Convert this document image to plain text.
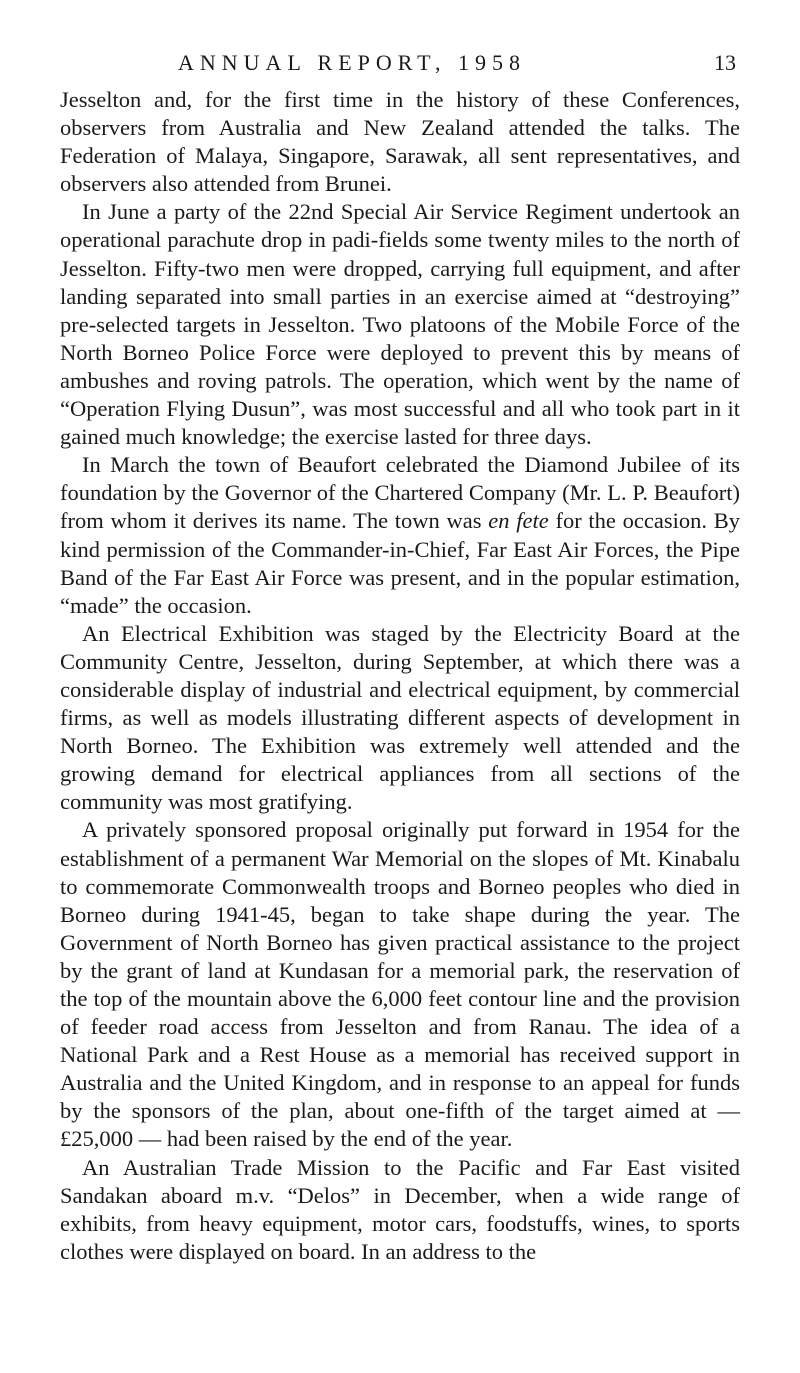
ANNUAL REPORT, 1958	13

Jesselton and, for the first time in the history of these Conferences, observers from Australia and New Zealand attended the talks. The Federation of Malaya, Singapore, Sarawak, all sent representatives, and observers also attended from Brunei.

In June a party of the 22nd Special Air Service Regiment undertook an operational parachute drop in padi-fields some twenty miles to the north of Jesselton. Fifty-two men were dropped, carrying full equipment, and after landing separated into small parties in an exercise aimed at “destroying” pre-selected targets in Jesselton. Two platoons of the Mobile Force of the North Borneo Police Force were deployed to prevent this by means of ambushes and roving patrols. The operation, which went by the name of “Operation Flying Dusun”, was most successful and all who took part in it gained much knowledge; the exercise lasted for three days.

In March the town of Beaufort celebrated the Diamond Jubilee of its foundation by the Governor of the Chartered Company (Mr. L. P. Beaufort) from whom it derives its name. The town was en fete for the occasion. By kind permission of the Commander-in-Chief, Far East Air Forces, the Pipe Band of the Far East Air Force was present, and in the popular estimation, “made” the occasion.

An Electrical Exhibition was staged by the Electricity Board at the Community Centre, Jesselton, during September, at which there was a considerable display of industrial and electrical equipment, by commercial firms, as well as models illustrating different aspects of development in North Borneo. The Exhibition was extremely well attended and the growing demand for electrical appliances from all sections of the community was most gratifying.

A privately sponsored proposal originally put forward in 1954 for the establishment of a permanent War Memorial on the slopes of Mt. Kinabalu to commemorate Commonwealth troops and Borneo peoples who died in Borneo during 1941-45, began to take shape during the year. The Government of North Borneo has given practical assistance to the project by the grant of land at Kundasan for a memorial park, the reservation of the top of the mountain above the 6,000 feet contour line and the provision of feeder road access from Jesselton and from Ranau. The idea of a National Park and a Rest House as a memorial has received support in Australia and the United Kingdom, and in response to an appeal for funds by the sponsors of the plan, about one-fifth of the target aimed at — £25,000 — had been raised by the end of the year.

An Australian Trade Mission to the Pacific and Far East visited Sandakan aboard m.v. “Delos” in December, when a wide range of exhibits, from heavy equipment, motor cars, foodstuffs, wines, to sports clothes were displayed on board. In an address to the
